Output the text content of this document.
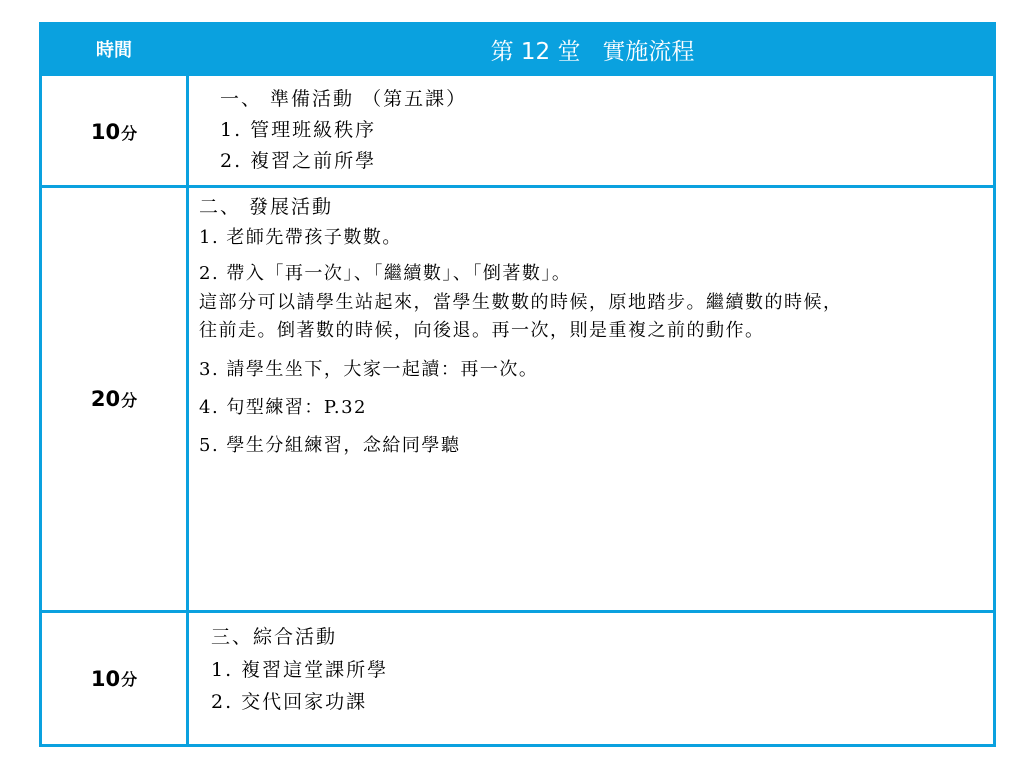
時間	第 12 堂   實施流程
10 分
一、 準備活動 （第五課）
1. 管理班級秩序
2. 複習之前所學
20 分
二、 發展活動
1. 老師先帶孩子數數。
2. 帶入「再一次」、「繼續數」、「倒著數」。
這部分可以請學生站起來，當學生數數的時候，原地踏步。繼續數的時候，
往前走。倒著數的時候，向後退。再一次，則是重複之前的動作。
3. 請學生坐下，大家一起讀：再一次。
4. 句型練習：P.32
5. 學生分組練習，念給同學聽
10 分
三、綜合活動
1. 複習這堂課所學
2. 交代回家功課
